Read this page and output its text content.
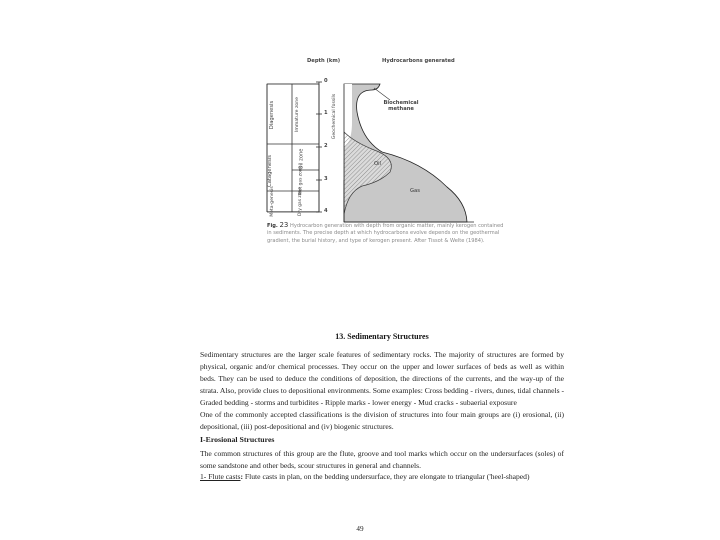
Depth (km)	Hydrocarbons generated
0
1
2
3
4
Diagenesis
Catagenesis
Meta-genesis
Immature zone
Oil zone
Wet gas zone
Dry gas zone
Geochemical fossils	Biochemical methane
Oil
Gas
Fig. 23 Hydrocarbon generation with depth from organic matter, mainly kerogen contained in sediments. The precise depth at which hydrocarbons evolve depends on the geothermal gradient, the burial history, and type of kerogen present. After Tissot & Welte (1984).
13. Sedimentary Structures

Sedimentary structures are the larger scale features of sedimentary rocks. The majority of structures are formed by physical, organic and/or chemical processes. They occur on the upper and lower surfaces of beds as well as within beds. They can be used to deduce the conditions of deposition, the directions of the currents, and the way-up of the strata. Also, provide clues to depositional environments. Some examples: Cross bedding - rivers, dunes, tidal channels - Graded bedding - storms and turbidites - Ripple marks - lower energy - Mud cracks - subaerial exposure

One of the commonly accepted classifications is the division of structures into four main groups are (i) erosional, (ii) depositional, (iii) post-depositional and (iv) biogenic structures.

I-Erosional Structures

The common structures of this group are the flute, groove and tool marks which occur on the undersurfaces (soles) of some sandstone and other beds, scour structures in general and channels.

1- Flute casts: Flute casts in plan, on the bedding undersurface, they are elongate to triangular ('heel-shaped)
49
